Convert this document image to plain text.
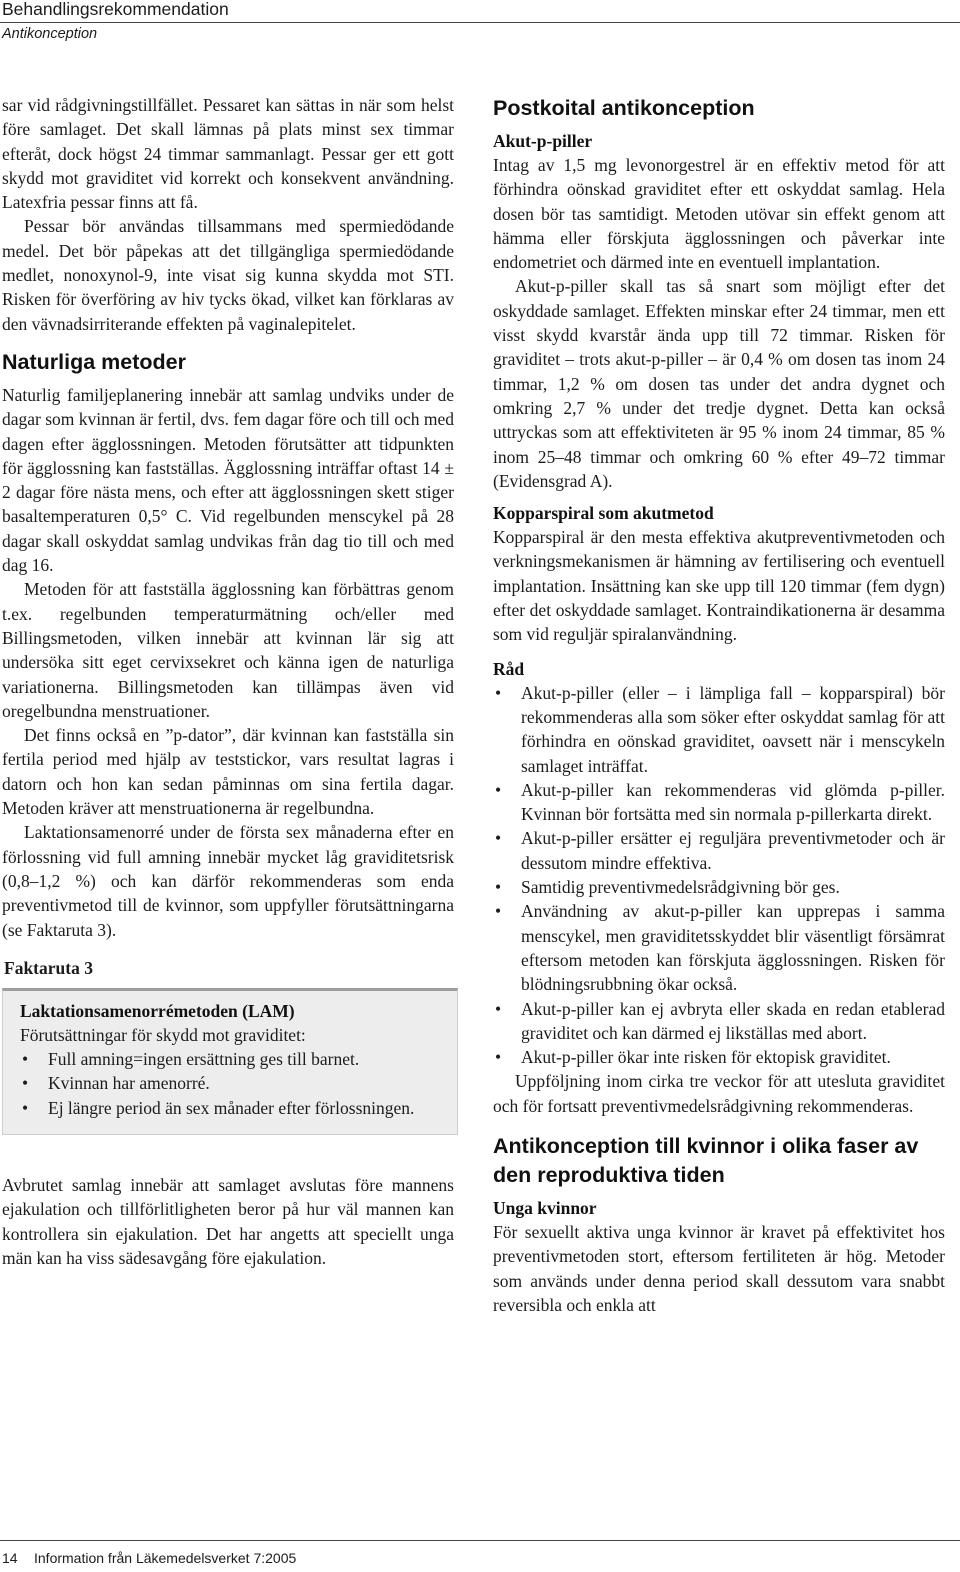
Behandlingsrekommendation
Antikonception

sar vid rådgivningstillfället. Pessaret kan sättas in när som helst före samlaget. Det skall lämnas på plats minst sex timmar efteråt, dock högst 24 timmar sammanlagt. Pessar ger ett gott skydd mot graviditet vid korrekt och konsekvent användning. Latexfria pessar finns att få.

Pessar bör användas tillsammans med spermiedödande medel. Det bör påpekas att det tillgängliga spermiedödande medlet, nonoxynol-9, inte visat sig kunna skydda mot STI. Risken för överföring av hiv tycks ökad, vilket kan förklaras av den vävnadsirriterande effekten på vaginalepitelet.

Naturliga metoder

Naturlig familjeplanering innebär att samlag undviks under de dagar som kvinnan är fertil, dvs. fem dagar före och till och med dagen efter ägglossningen. Metoden förutsätter att tidpunkten för ägglossning kan fastställas. Ägglossning inträffar oftast 14 ± 2 dagar före nästa mens, och efter att ägglossningen skett stiger basaltemperaturen 0,5° C. Vid regelbunden menscykel på 28 dagar skall oskyddat samlag undvikas från dag tio till och med dag 16.

Metoden för att fastställa ägglossning kan förbättras genom t.ex. regelbunden temperaturmätning och/eller med Billingsmetoden, vilken innebär att kvinnan lär sig att undersöka sitt eget cervixsekret och känna igen de naturliga variationerna. Billingsmetoden kan tillämpas även vid oregelbundna menstruationer.

Det finns också en ”p-dator”, där kvinnan kan fastställa sin fertila period med hjälp av teststickor, vars resultat lagras i datorn och hon kan sedan påminnas om sina fertila dagar. Metoden kräver att menstruationerna är regelbundna.

Laktationsamenorré under de första sex månaderna efter en förlossning vid full amning innebär mycket låg graviditetsrisk (0,8–1,2 %) och kan därför rekommenderas som enda preventivmetod till de kvinnor, som uppfyller förutsättningarna (se Faktaruta 3).

Faktaruta 3
Laktationsamenorrémetoden (LAM)

Förutsättningar för skydd mot graviditet:

• Full amning=ingen ersättning ges till barnet.
• Kvinnan har amenorré.
• Ej längre period än sex månader efter förlossningen.

Avbrutet samlag innebär att samlaget avslutas före mannens ejakulation och tillförlitligheten beror på hur väl mannen kan kontrollera sin ejakulation. Det har angetts att speciellt unga män kan ha viss sädesavgång före ejakulation.

Postkoital antikonception
Akut-p-piller

Intag av 1,5 mg levonorgestrel är en effektiv metod för att förhindra oönskad graviditet efter ett oskyddat samlag. Hela dosen bör tas samtidigt. Metoden utövar sin effekt genom att hämma eller förskjuta ägglossningen och påverkar inte endometriet och därmed inte en eventuell implantation.

Akut-p-piller skall tas så snart som möjligt efter det oskyddade samlaget. Effekten minskar efter 24 timmar, men ett visst skydd kvarstår ända upp till 72 timmar. Risken för graviditet – trots akut-p-piller – är 0,4 % om dosen tas inom 24 timmar, 1,2 % om dosen tas under det andra dygnet och omkring 2,7 % under det tredje dygnet. Detta kan också uttryckas som att effektiviteten är 95 % inom 24 timmar, 85 % inom 25–48 timmar och omkring 60 % efter 49–72 timmar (Evidensgrad A).

Kopparspiral som akutmetod

Kopparspiral är den mesta effektiva akutpreventivmetoden och verkningsmekanismen är hämning av fertilisering och eventuell implantation. Insättning kan ske upp till 120 timmar (fem dygn) efter det oskyddade samlaget. Kontraindikationerna är desamma som vid reguljär spiralanvändning.

Råd
• Akut-p-piller (eller – i lämpliga fall – kopparspiral) bör rekommenderas alla som söker efter oskyddat samlag för att förhindra en oönskad graviditet, oavsett när i menscykeln samlaget inträffat.
• Akut-p-piller kan rekommenderas vid glömda p-piller. Kvinnan bör fortsätta med sin normala p-pillerkarta direkt.
• Akut-p-piller ersätter ej reguljära preventivmetoder och är dessutom mindre effektiva.
• Samtidig preventivmedelsrådgivning bör ges.
• Användning av akut-p-piller kan upprepas i samma menscykel, men graviditetsskyddet blir väsentligt försämrat eftersom metoden kan förskjuta ägglossningen. Risken för blödningsrubbning ökar också.
• Akut-p-piller kan ej avbryta eller skada en redan etablerad graviditet och kan därmed ej likställas med abort.
• Akut-p-piller ökar inte risken för ektopisk graviditet.

Uppföljning inom cirka tre veckor för att utesluta graviditet och för fortsatt preventivmedelsrådgivning rekommenderas.

Antikonception till kvinnor i olika faser av den reproduktiva tiden
Unga kvinnor

För sexuellt aktiva unga kvinnor är kravet på effektivitet hos preventivmetoden stort, eftersom fertiliteten är hög. Metoder som används under denna period skall dessutom vara snabbt reversibla och enkla att

14 Information från Läkemedelsverket 7:2005
